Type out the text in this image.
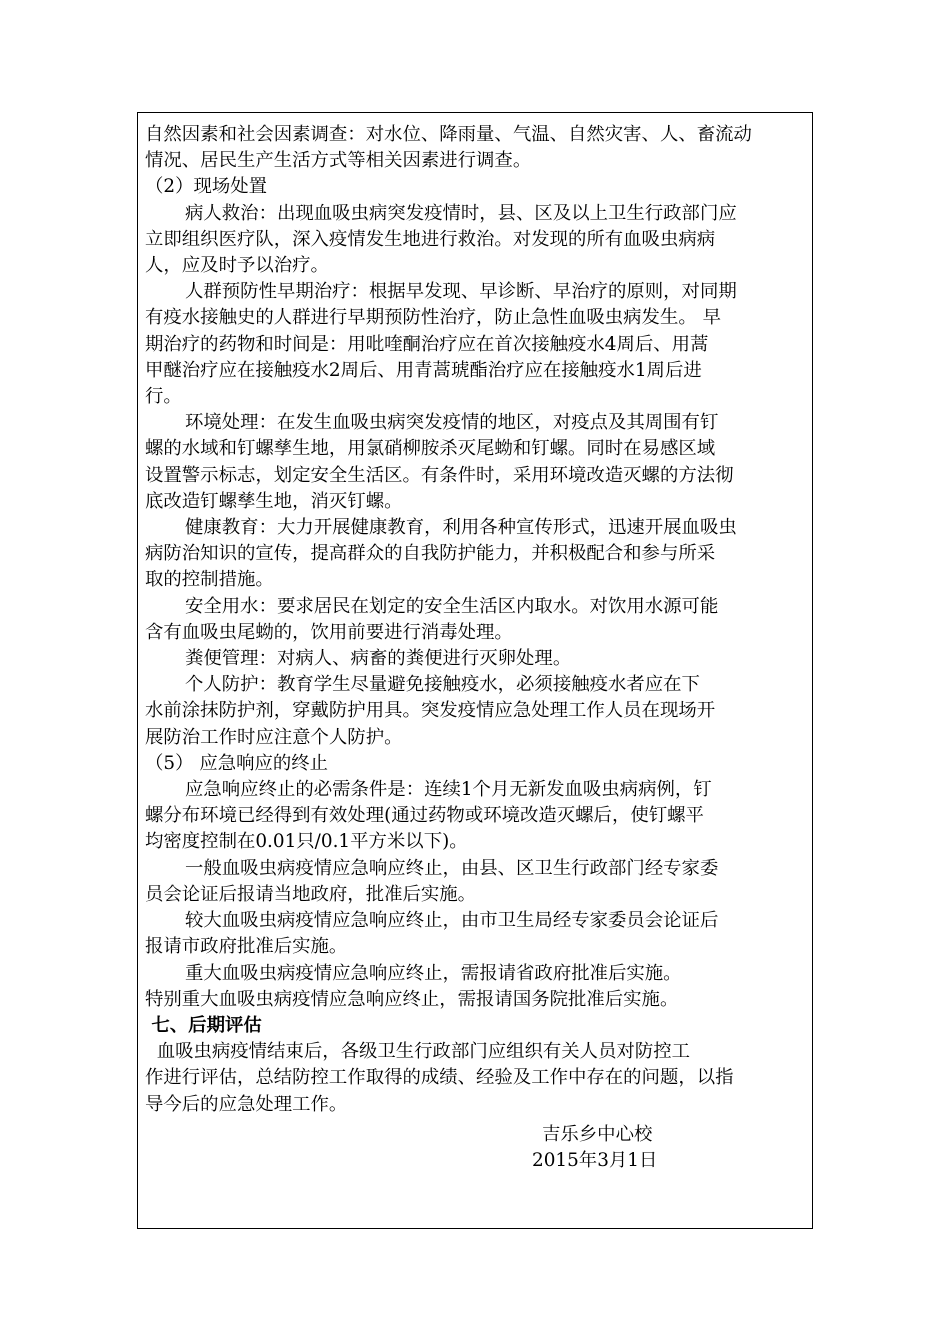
自然因素和社会因素调查：对水位、降雨量、气温、自然灾害、人、畜流动

情况、居民生产生活方式等相关因素进行调查。

（2）现场处置

病人救治：出现血吸虫病突发疫情时，县、区及以上卫生行政部门应

立即组织医疗队，深入疫情发生地进行救治。对发现的所有血吸虫病病

人，应及时予以治疗。

人群预防性早期治疗：根据早发现、早诊断、早治疗的原则，对同期

有疫水接触史的人群进行早期预防性治疗，防止急性血吸虫病发生。 早

期治疗的药物和时间是：用吡喹酮治疗应在首次接触疫水4周后、用蒿

甲醚治疗应在接触疫水2周后、用青蒿琥酯治疗应在接触疫水1周后进

行。

环境处理：在发生血吸虫病突发疫情的地区，对疫点及其周围有钉

螺的水域和钉螺孳生地，用氯硝柳胺杀灭尾蚴和钉螺。同时在易感区域

设置警示标志，划定安全生活区。有条件时，采用环境改造灭螺的方法彻

底改造钉螺孳生地，消灭钉螺。

健康教育：大力开展健康教育，利用各种宣传形式，迅速开展血吸虫

病防治知识的宣传，提高群众的自我防护能力，并积极配合和参与所采

取的控制措施。

安全用水：要求居民在划定的安全生活区内取水。对饮用水源可能

含有血吸虫尾蚴的，饮用前要进行消毒处理。

粪便管理：对病人、病畜的粪便进行灭卵处理。

个人防护：教育学生尽量避免接触疫水，必须接触疫水者应在下

水前涂抹防护剂，穿戴防护用具。突发疫情应急处理工作人员在现场开

展防治工作时应注意个人防护。

（5） 应急响应的终止

应急响应终止的必需条件是：连续1个月无新发血吸虫病病例，钉

螺分布环境已经得到有效处理(通过药物或环境改造灭螺后，使钉螺平

均密度控制在0.01只/0.1平方米以下)。

一般血吸虫病疫情应急响应终止，由县、区卫生行政部门经专家委

员会论证后报请当地政府，批准后实施。

较大血吸虫病疫情应急响应终止，由市卫生局经专家委员会论证后

报请市政府批准后实施。

重大血吸虫病疫情应急响应终止，需报请省政府批准后实施。

特别重大血吸虫病疫情应急响应终止，需报请国务院批准后实施。

七、后期评估

血吸虫病疫情结束后，各级卫生行政部门应组织有关人员对防控工

作进行评估，总结防控工作取得的成绩、经验及工作中存在的问题，以指

导今后的应急处理工作。

吉乐乡中心校
2015年3月1日
